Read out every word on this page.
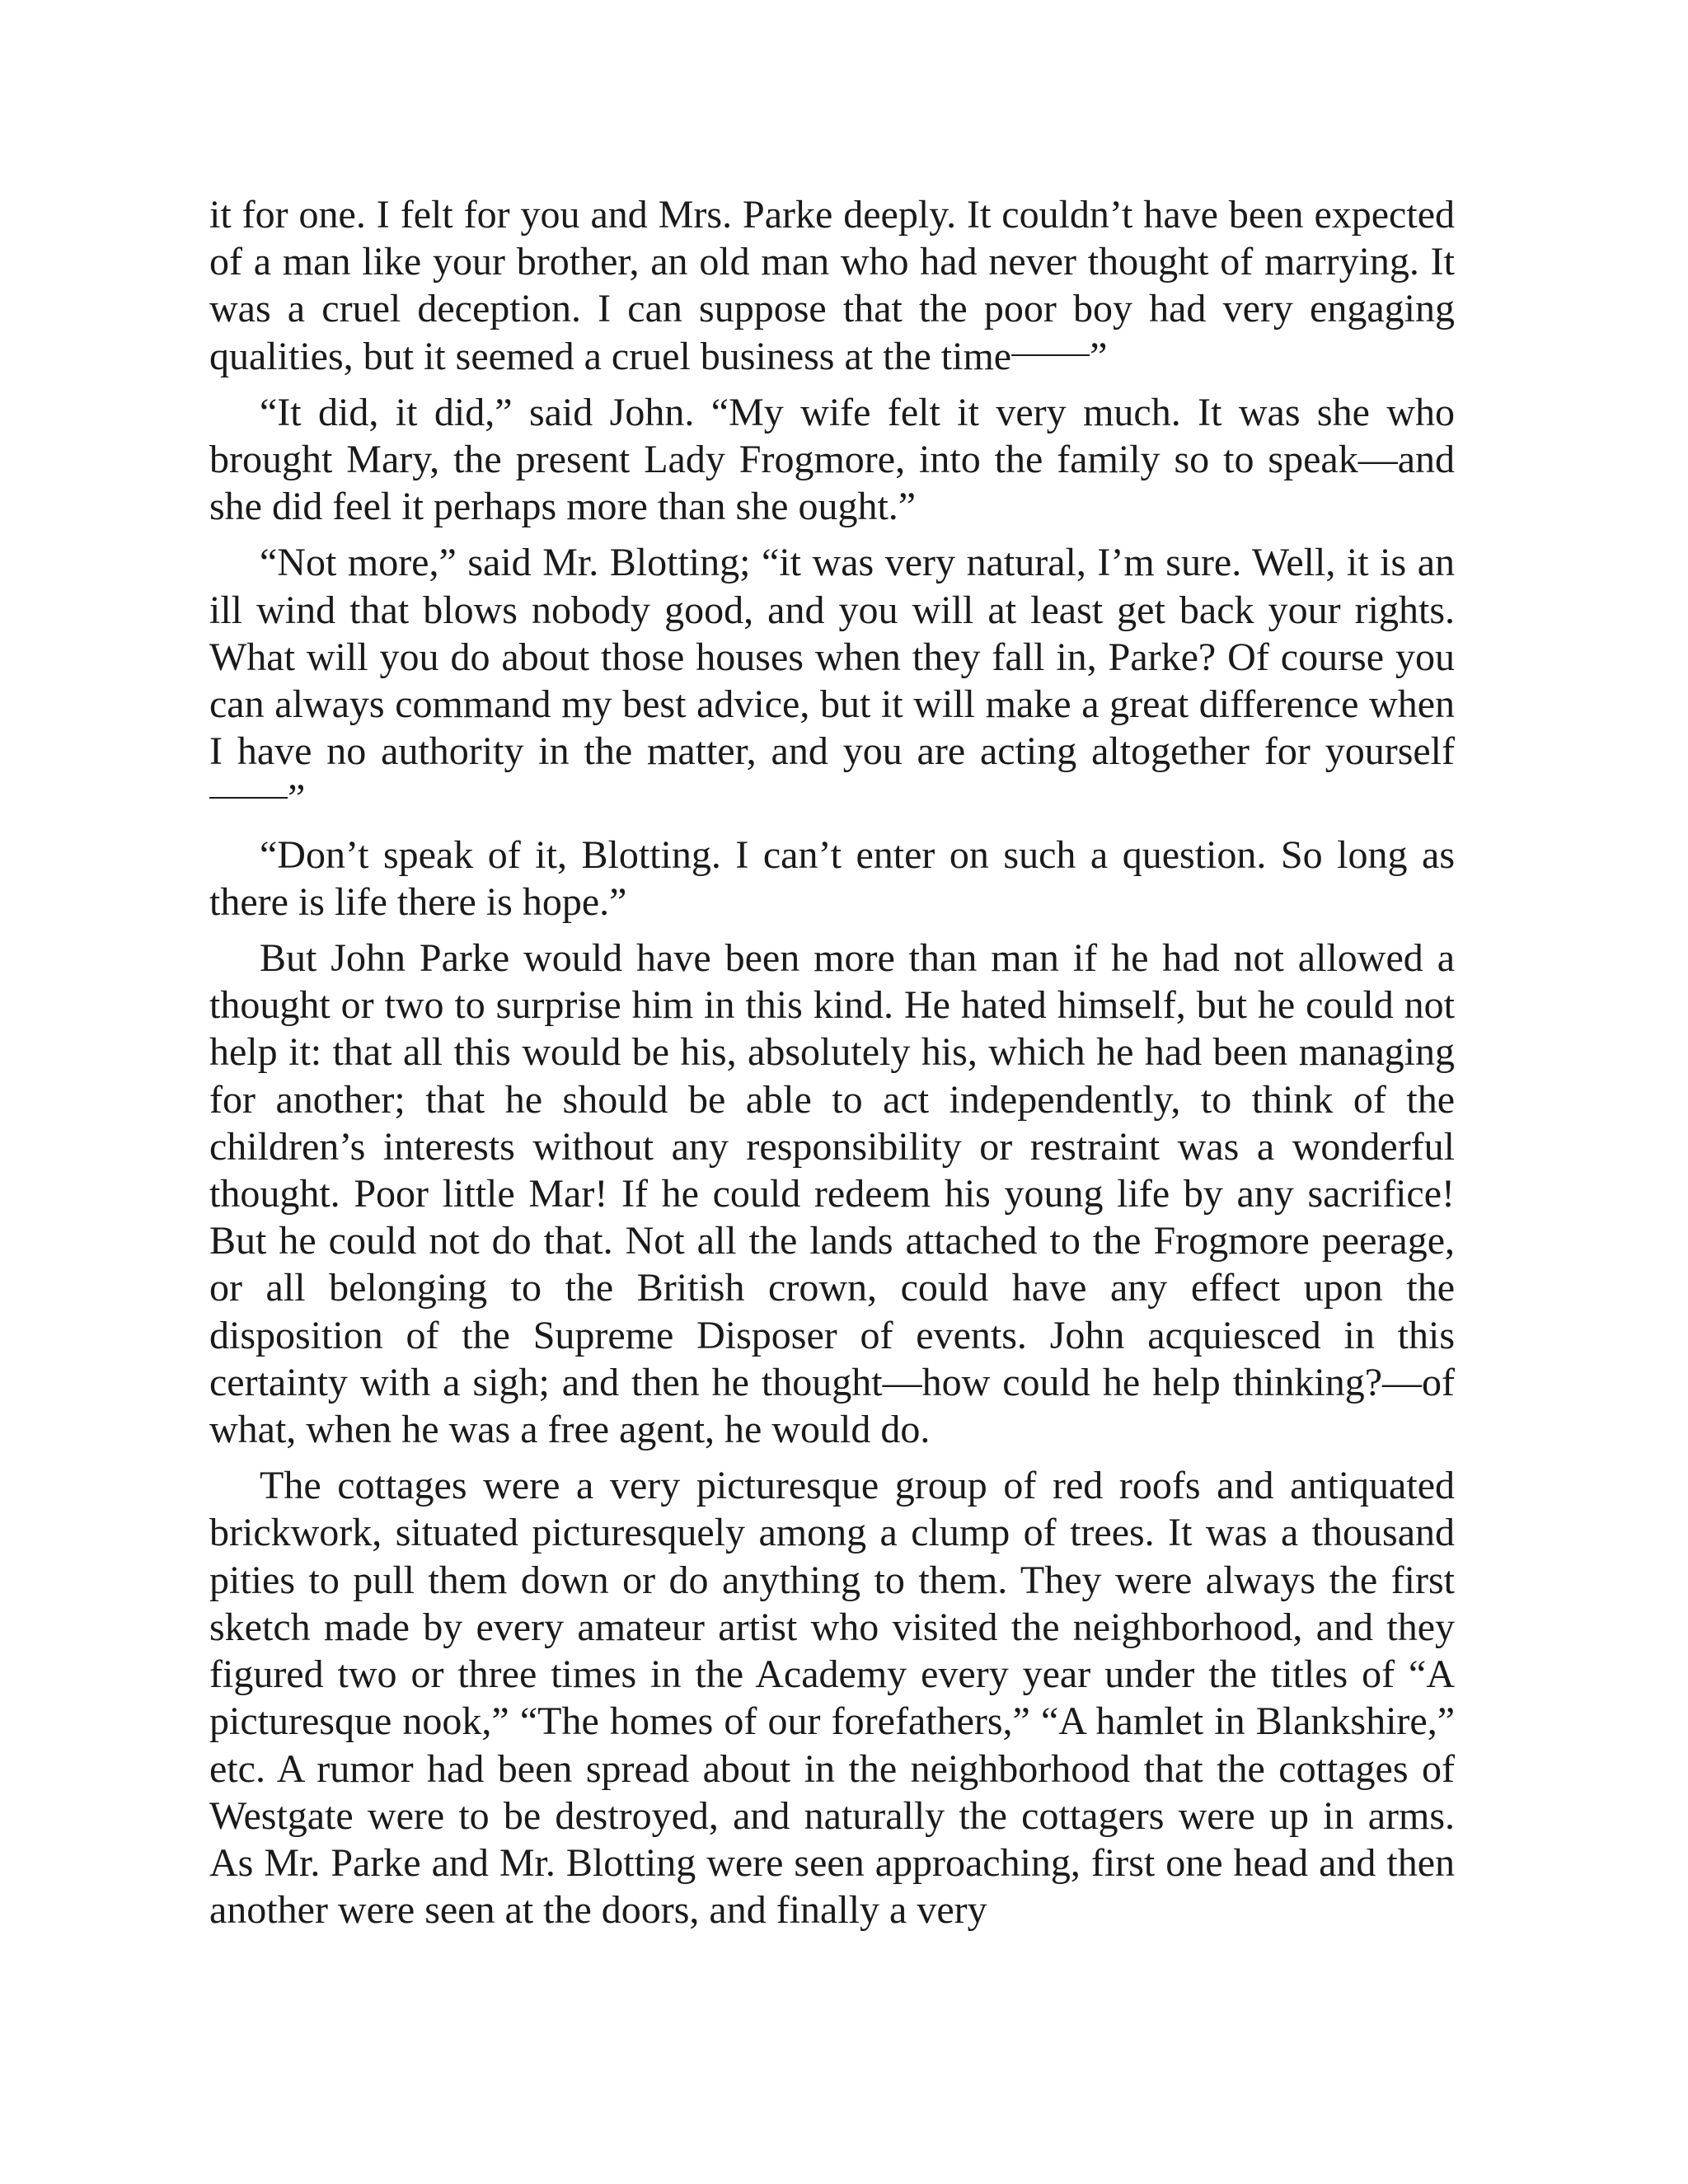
it for one. I felt for you and Mrs. Parke deeply. It couldn’t have been expected of a man like your brother, an old man who had never thought of marrying. It was a cruel deception. I can suppose that the poor boy had very engaging qualities, but it seemed a cruel business at the time ”

“It did, it did,” said John. “My wife felt it very much. It was she who brought Mary, the present Lady Frogmore, into the family so to speak—and she did feel it perhaps more than she ought.”

“Not more,” said Mr. Blotting; “it was very natural, I’m sure. Well, it is an ill wind that blows nobody good, and you will at least get back your rights. What will you do about those houses when they fall in, Parke? Of course you can always command my best advice, but it will make a great difference when I have no authority in the matter, and you are acting altogether for yourself”

“Don’t speak of it, Blotting. I can’t enter on such a question. So long as there is life there is hope.”

But John Parke would have been more than man if he had not allowed a thought or two to surprise him in this kind. He hated himself, but he could not help it: that all this would be his, absolutely his, which he had been managing for another; that he should be able to act independently, to think of the children’s interests without any responsibility or restraint was a wonderful thought. Poor little Mar! If he could redeem his young life by any sacrifice! But he could not do that. Not all the lands attached to the Frogmore peerage, or all belonging to the British crown, could have any effect upon the disposition of the Supreme Disposer of events. John acquiesced in this certainty with a sigh; and then he thought—how could he help thinking?—of what, when he was a free agent, he would do.

The cottages were a very picturesque group of red roofs and antiquated brickwork, situated picturesquely among a clump of trees. It was a thousand pities to pull them down or do anything to them. They were always the first sketch made by every amateur artist who visited the neighborhood, and they figured two or three times in the Academy every year under the titles of “A picturesque nook,” “The homes of our forefathers,” “A hamlet in Blankshire,” etc. A rumor had been spread about in the neighborhood that the cottages of Westgate were to be destroyed, and naturally the cottagers were up in arms. As Mr. Parke and Mr. Blotting were seen approaching, first one head and then another were seen at the doors, and finally a very
